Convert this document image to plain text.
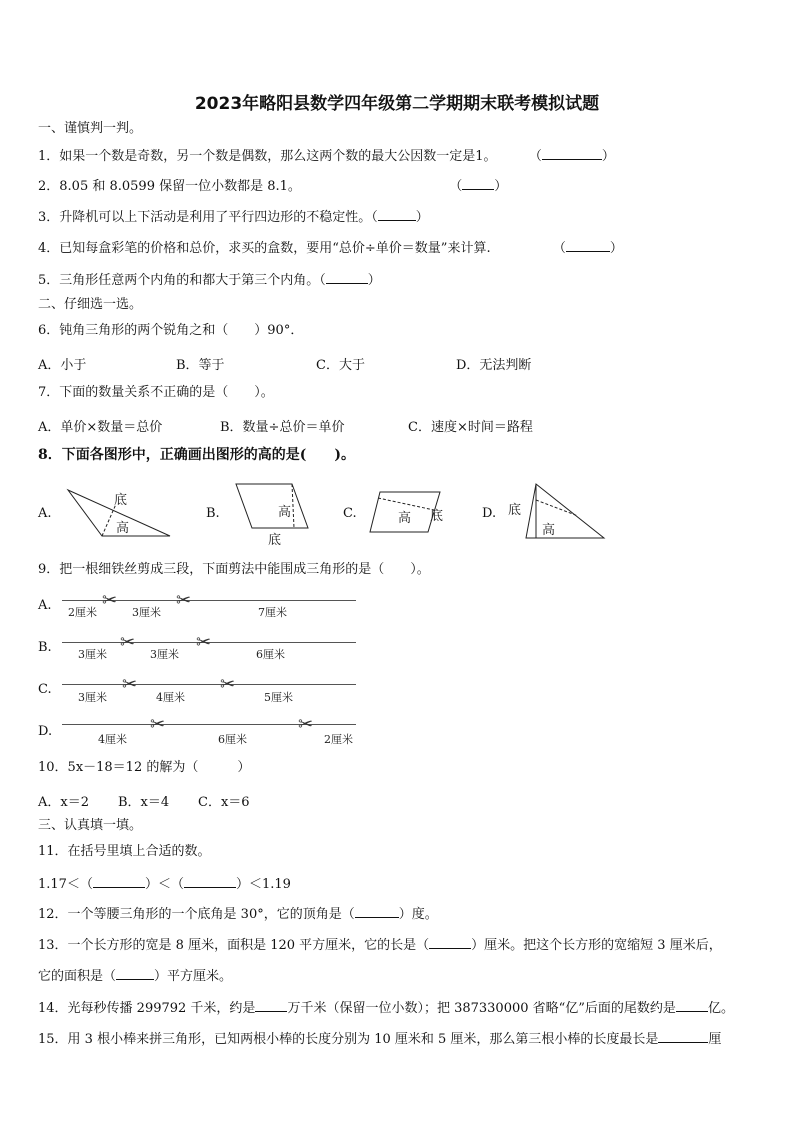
2023年略阳县数学四年级第二学期期末联考模拟试题
一、谨慎判一判。
1．如果一个数是奇数，另一个数是偶数，那么这两个数的最大公因数一定是1。 （	）
2．8.05 和 8.0599 保留一位小数都是 8.1。	（ ）
3．升降机可以上下活动是利用了平行四边形的不稳定性。（	）
4．已知每盒彩笔的价格和总价，求买的盒数，要用“总价÷单价＝数量”来计算.	（	）
5．三角形任意两个内角的和都大于第三个内角。（	）
二、仔细选一选。
6．钝角三角形的两个锐角之和（　　）90°．
A．小于	B．等于	C．大于	D．无法判断
7．下面的数量关系不正确的是（　　）。
A．单价×数量＝总价	B．数量÷总价＝单价	C．速度×时间＝路程
8．下面各图形中，正确画出图形的高的是(　　)。
A.
底
高
B.	高
底
C.	高 底	D. 底
高
9．把一根细铁丝剪成三段，下面剪法中能围成三角形的是（　　）。
A.	✂	✂
2厘米	3厘米	7厘米
B.	✂	✂
3厘米	3厘米	6厘米
C.	✂	✂
3厘米	4厘米	5厘米
D.	✂	✂
4厘米	6厘米	2厘米
10．5x－18＝12 的解为（　　　）
A．x＝2 B．x＝4 C．x＝6
三、认真填一填。
11．在括号里填上合适的数。
1.17＜（	）＜（	）＜1.19
12．一个等腰三角形的一个底角是 30°，它的顶角是（	）度。
13．一个长方形的宽是 8 厘米，面积是 120 平方厘米，它的长是（	）厘米。把这个长方形的宽缩短 3 厘米后，
它的面积是（	）平方厘米。
14．光每秒传播 299792 千米，约是 万千米（保留一位小数）；把 387330000 省略“亿”后面的尾数约是 亿。
15．用 3 根小棒来拼三角形，已知两根小棒的长度分别为 10 厘米和 5 厘米，那么第三根小棒的长度最长是	厘
